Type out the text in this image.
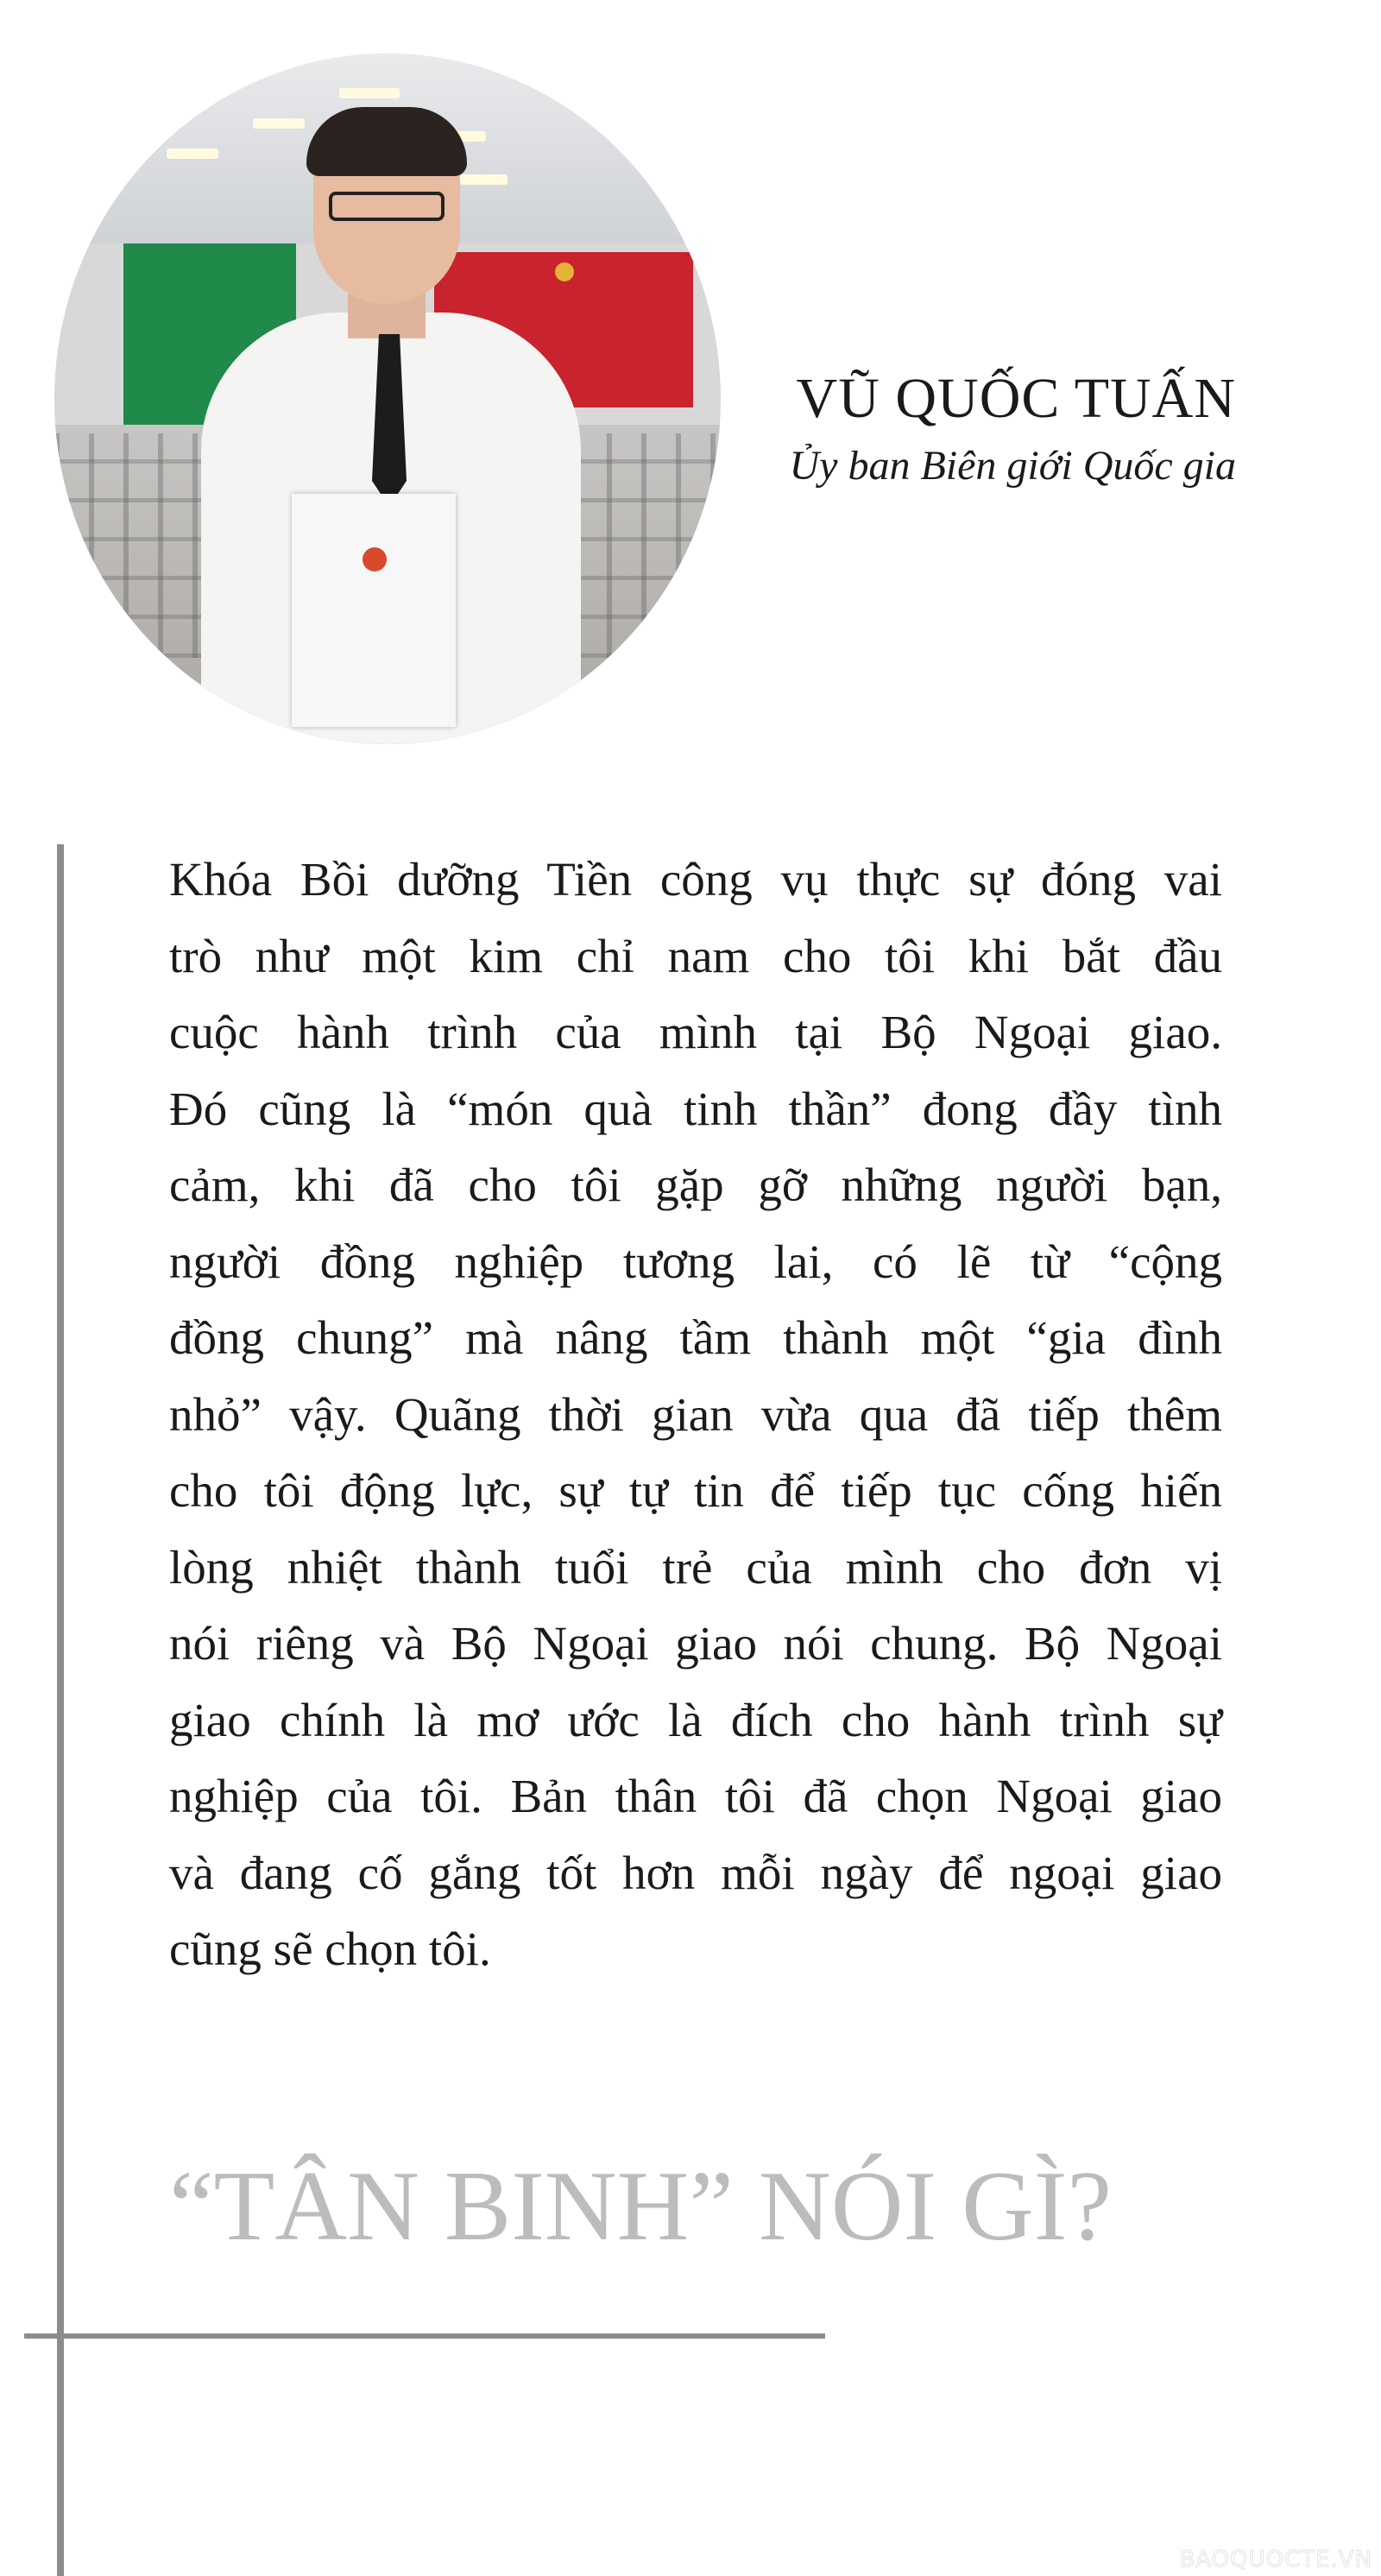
VŨ QUỐC TUẤN
Ủy ban Biên giới Quốc gia
Khóa Bồi dưỡng Tiền công vụ thực sự đóng vai
trò như một kim chỉ nam cho tôi khi bắt đầu
cuộc hành trình của mình tại Bộ Ngoại giao.
Đó cũng là “món quà tinh thần” đong đầy tình
cảm, khi đã cho tôi gặp gỡ những người bạn,
người đồng nghiệp tương lai, có lẽ từ “cộng
đồng chung” mà nâng tầm thành một “gia đình
nhỏ” vậy. Quãng thời gian vừa qua đã tiếp thêm
cho tôi động lực, sự tự tin để tiếp tục cống hiến
lòng nhiệt thành tuổi trẻ của mình cho đơn vị
nói riêng và Bộ Ngoại giao nói chung. Bộ Ngoại
giao chính là mơ ước là đích cho hành trình sự
nghiệp của tôi. Bản thân tôi đã chọn Ngoại giao
và đang cố gắng tốt hơn mỗi ngày để ngoại giao
cũng sẽ chọn tôi.
“TÂN BINH” NÓI GÌ?
BAOQUOCTE.VN
